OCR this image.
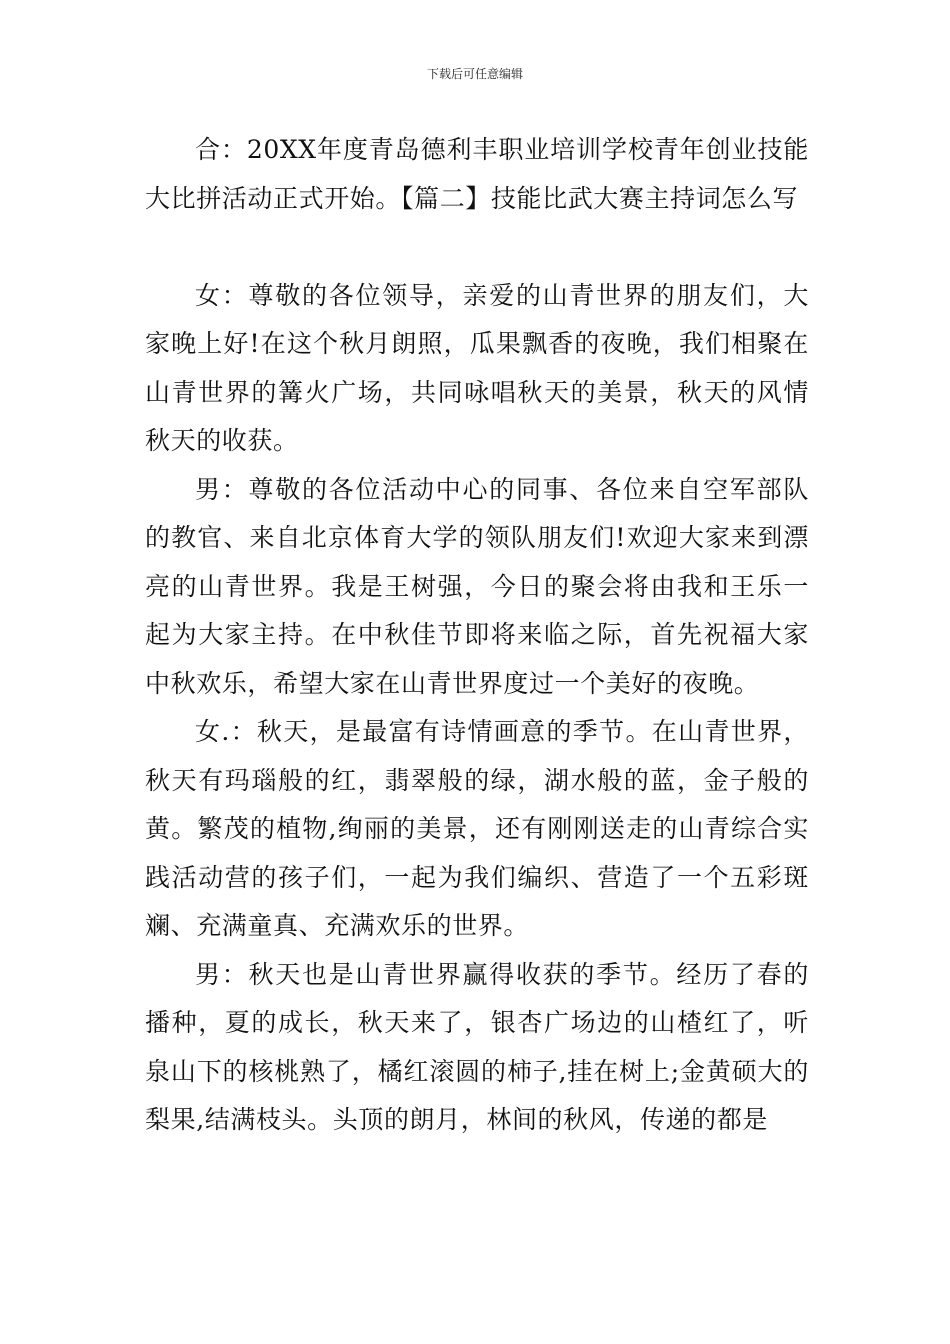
下载后可任意编辑

合：20XX年度青岛德利丰职业培训学校青年创业技能大比拼活动正式开始。【篇二】技能比武大赛主持词怎么写

女：尊敬的各位领导，亲爱的山青世界的朋友们，大家晚上好!在这个秋月朗照，瓜果飘香的夜晚，我们相聚在山青世界的篝火广场，共同咏唱秋天的美景，秋天的风情秋天的收获。

男：尊敬的各位活动中心的同事、各位来自空军部队的教官、来自北京体育大学的领队朋友们!欢迎大家来到漂亮的山青世界。我是王树强，今日的聚会将由我和王乐一起为大家主持。在中秋佳节即将来临之际，首先祝福大家中秋欢乐，希望大家在山青世界度过一个美好的夜晚。

女.：秋天，是最富有诗情画意的季节。在山青世界，秋天有玛瑙般的红，翡翠般的绿，湖水般的蓝，金子般的黄。繁茂的植物,绚丽的美景，还有刚刚送走的山青综合实践活动营的孩子们，一起为我们编织、营造了一个五彩斑斓、充满童真、充满欢乐的世界。

男：秋天也是山青世界赢得收获的季节。经历了春的播种，夏的成长，秋天来了，银杏广场边的山楂红了，听泉山下的核桃熟了，橘红滚圆的柿子,挂在树上;金黄硕大的梨果,结满枝头。头顶的朗月，林间的秋风，传递的都是
